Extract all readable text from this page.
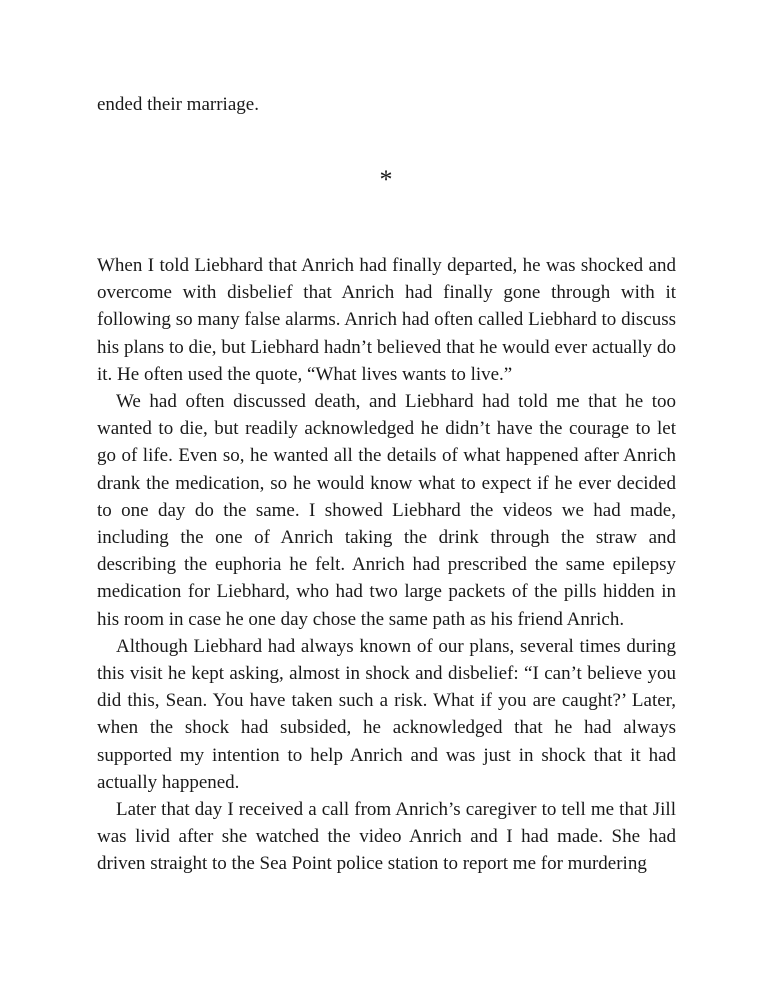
ended their marriage.

*

When I told Liebhard that Anrich had finally departed, he was shocked and overcome with disbelief that Anrich had finally gone through with it following so many false alarms. Anrich had often called Liebhard to discuss his plans to die, but Liebhard hadn’t believed that he would ever actually do it. He often used the quote, “What lives wants to live.”

We had often discussed death, and Liebhard had told me that he too wanted to die, but readily acknowledged he didn’t have the courage to let go of life. Even so, he wanted all the details of what happened after Anrich drank the medication, so he would know what to expect if he ever decided to one day do the same. I showed Liebhard the videos we had made, including the one of Anrich taking the drink through the straw and describing the euphoria he felt. Anrich had prescribed the same epilepsy medication for Liebhard, who had two large packets of the pills hidden in his room in case he one day chose the same path as his friend Anrich.

Although Liebhard had always known of our plans, several times during this visit he kept asking, almost in shock and disbelief: “I can’t believe you did this, Sean. You have taken such a risk. What if you are caught?’ Later, when the shock had subsided, he acknowledged that he had always supported my intention to help Anrich and was just in shock that it had actually happened.

Later that day I received a call from Anrich’s caregiver to tell me that Jill was livid after she watched the video Anrich and I had made. She had driven straight to the Sea Point police station to report me for murdering
